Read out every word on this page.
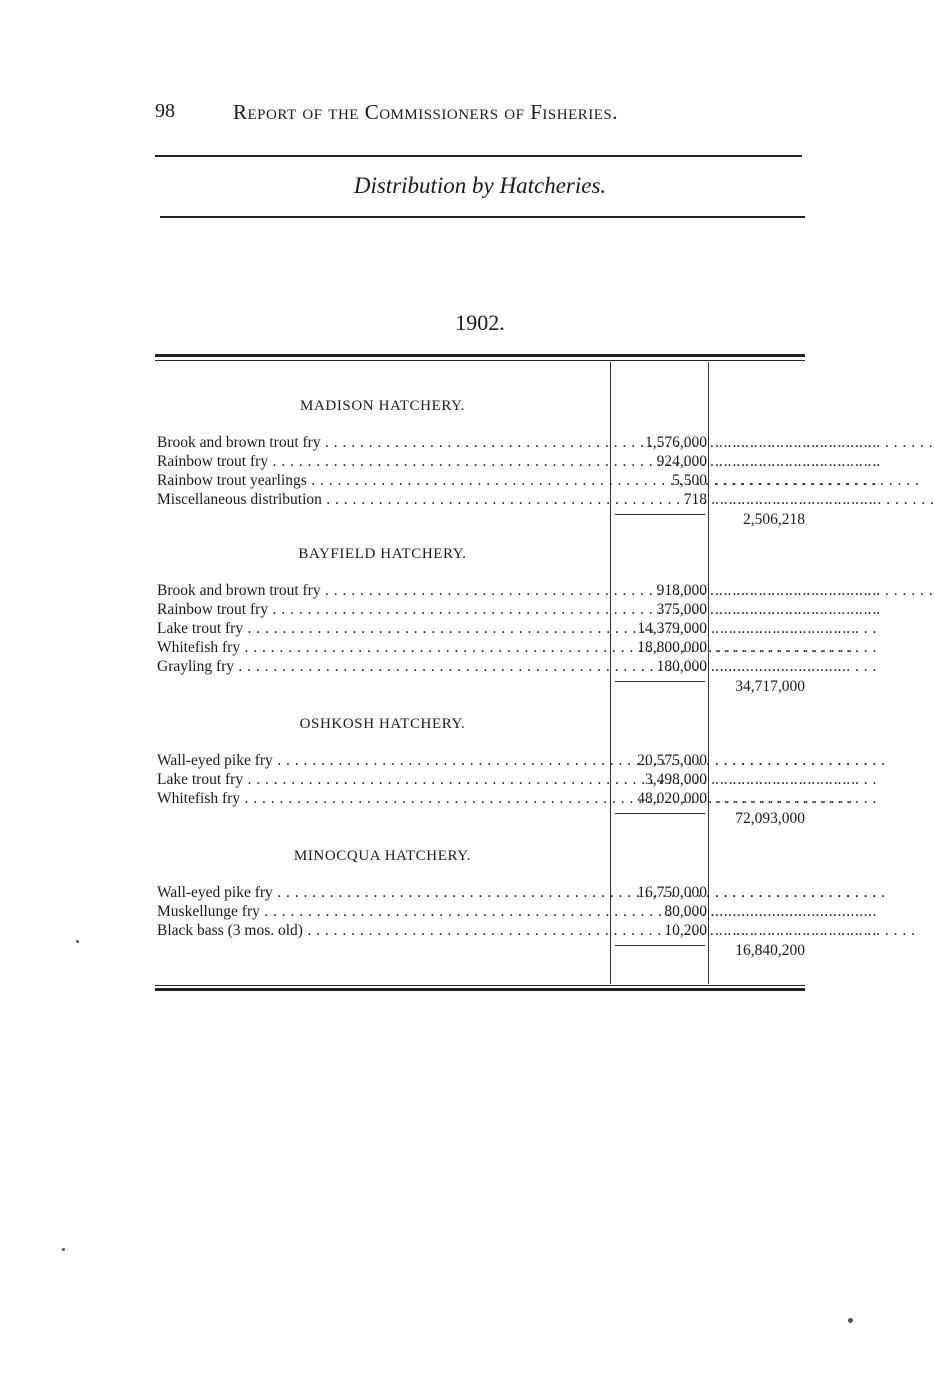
98	Report of the Commissioners of Fisheries.
Distribution by Hatcheries.
1902.
MADISON HATCHERY.
Brook and brown trout fry . . .	1,576,000 . . . . . . . . . . . . . . . . . . .
Rainbow trout fry . . .	924,000 . . . . . . . . . . . . . . . . . . .
Rainbow trout yearlings . . .	5,500 . . . . . . . . . . . . . . . . . . .
Miscellaneous distribution . . .	718 . . . . . . . . . . . . . . . . . . .
2,506,218
BAYFIELD HATCHERY.
Brook and brown trout fry . . .	918,000 . . . . . . . . . . . . . . . . . . .
Rainbow trout fry . . .	375,000 . . . . . . . . . . . . . . . . . . .
Lake trout fry . . .	14,379,000 . . . . . . . . . . . . . . . . . . .
Whitefish fry . . .	18,800,000 . . . . . . . . . . . . . . . . . . .
Grayling fry . . .	180,000 . . . . . . . . . . . . . . . . . . .
34,717,000
OSHKOSH HATCHERY.
Wall-eyed pike fry . . .	20,575,000 . . . . . . . . . . . . . . . . . . .
Lake trout fry . . .	3,498,000 . . . . . . . . . . . . . . . . . . .
Whitefish fry . . .	48,020,000 . . . . . . . . . . . . . . . . . . .
72,093,000
MINOCQUA HATCHERY.
Wall-eyed pike fry . . .	16,750,000 . . . . . . . . . . . . . . . . . . .
Muskellunge fry . . .	80,000 . . . . . . . . . . . . . . . . . . .
Black bass (3 mos. old) . . .	10,200 . . . . . . . . . . . . . . . . . . .
16,840,200
